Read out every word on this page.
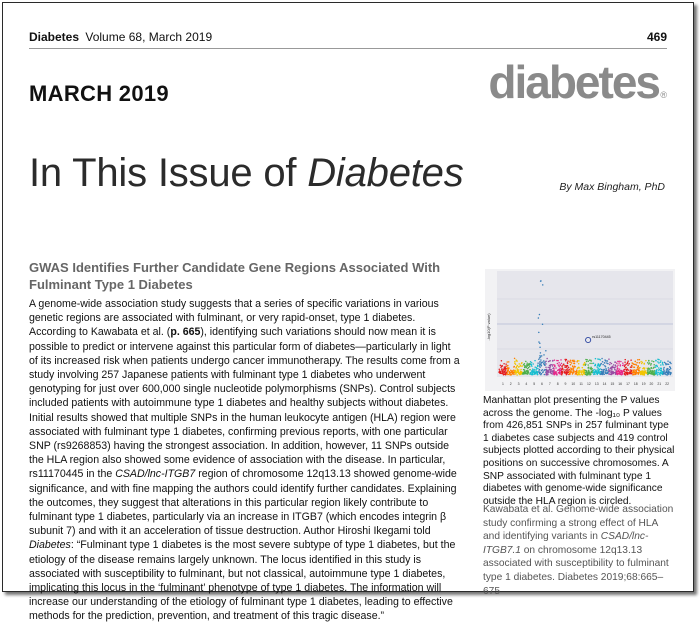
Diabetes Volume 68, March 2019	469
MARCH 2019	diabetes ®
In This Issue of Diabetes	By Max Bingham, PhD
GWAS Identifies Further Candidate Gene Regions Associated With Fulminant Type 1 Diabetes

A genome-wide association study suggests that a series of specific variations in various genetic regions are associated with fulminant, or very rapid-onset, type 1 diabetes. According to Kawabata et al. (p. 665), identifying such variations should now mean it is possible to predict or intervene against this particular form of diabetes—particularly in light of its increased risk when patients undergo cancer immunotherapy. The results come from a study involving 257 Japanese patients with fulminant type 1 diabetes who underwent genotyping for just over 600,000 single nucleotide polymorphisms (SNPs). Control subjects included patients with autoimmune type 1 diabetes and healthy subjects without diabetes. Initial results showed that multiple SNPs in the human leukocyte antigen (HLA) region were associated with fulminant type 1 diabetes, confirming previous reports, with one particular SNP (rs9268853) having the strongest association. In addition, however, 11 SNPs outside the HLA region also showed some evidence of association with the disease. In particular, rs11170445 in the CSAD/lnc-ITGB7 region of chromosome 12q13.13 showed genome-wide significance, and with fine mapping the authors could identify further candidates. Explaining the outcomes, they suggest that alterations in this particular region likely contribute to fulminant type 1 diabetes, particularly via an increase in ITGB7 (which encodes integrin β subunit 7) and with it an acceleration of tissue destruction. Author Hiroshi Ikegami told Diabetes: “Fulminant type 1 diabetes is the most severe subtype of type 1 diabetes, but the etiology of the disease remains largely unknown. The locus identified in this study is associated with susceptibility to fulminant, but not classical, autoimmune type 1 diabetes, implicating this locus in the ‘fulminant’ phenotype of type 1 diabetes. The information will increase our understanding of the etiology of fulminant type 1 diabetes, leading to effective methods for the prediction, prevention, and treatment of this tragic disease.”

-log10(P value)
1 2 3 4 5 6 7 8 9 10 11 12 13 14 15 16 17 18 19 20 21 22
rs11170445

Manhattan plot presenting the P values across the genome. The -log₁₀ P values from 426,851 SNPs in 257 fulminant type 1 diabetes case subjects and 419 control subjects plotted according to their physical positions on successive chromosomes. A SNP associated with fulminant type 1 diabetes with genome-wide significance outside the HLA region is circled.

Kawabata et al. Genome-wide association study confirming a strong effect of HLA and identifying variants in CSAD/lnc-ITGB7.1 on chromosome 12q13.13 associated with susceptibility to fulminant type 1 diabetes. Diabetes 2019;68:665–675
